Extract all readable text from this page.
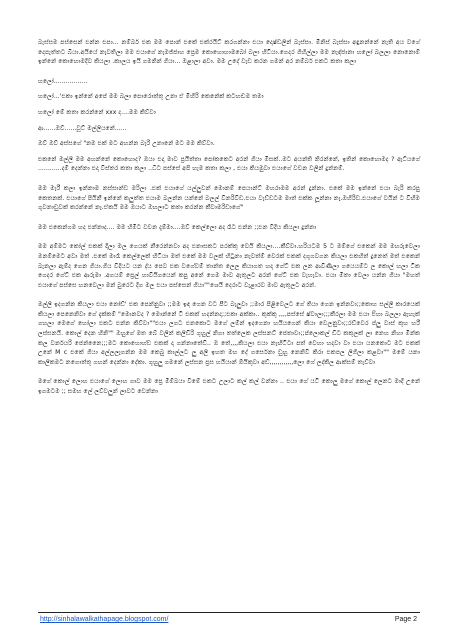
බැස්සම පස්සෙන් එන්න එපා... නම්බර් එක මම පොන් එකේ එක්රයිට් කරගන්නා එයා දොෂ්ඩලින් බැස්සා. මිනිස් බැස්සා අඳුනන්නේ නැති අය වගේ දෙපැත්තට බියා.අයියේ නැවතිලා මම එයාගේ නැමජ්ජාහ ප්‍රෙම කොහොහාමබෝ බලා හිටියා.ගෙදර ගිහිල්ලා මම නැඳ්ජානා හලෝ බලලා නොනොම් ඉන්නේ කොහොමදිව කියලා .කාලය ඉයි ගමනින් ගියා... ඔළාලා අවා. මම උදේ වැඩ කරන ගමන් අර නම්බර් එකට කතා කලා

හලෝ.................

හලෝ...'එකා ඉන්නේ අපේ මම බලා පොරොත්තු උනා ඒ මිහිරි කෙනේක් කටහඬම තමා

හලෝ මේ කතා කරන්නේ xxx ද....මම කිව්වා

ආ......ඔව්......වූට් මල්ලියනේ......

ඔව් ඔව් අස්සගේ "නම එක් මට අහන්න බැරි උනානේ මට මම කිව්වා.

එකනේ මල්ලී මම අහන්නේ කොහොද? ඔයා එදා මාව ප්‍රයිත්තා පෝකකෙට අරන් ගියා මිසක්..මට අයන්ති නිරන්නේ, ඉතින් කොහොමද ? ඇට්යගේ ............දම් දෙන්නා එදා විස්තර කතා කලා ..ධිට පස්සේ අපි හැම කතා කලා , එයා කියමුවා එයාගේ වචන වලින් දුන්නම්.

මම මැරී කලා ඉන්නාම නස්සාන්ඩ මරිලා .එක් එයාගේ යල්ලුවන් මොනම් පෙයාන්ට් මහරාමම අරන් දුන්නා. එකේ මම ඉන්නේ එයා බැරි කරපු කෙතනක්. එයාගේ පියිනී ඉන්නේ කලුත්ත එයාම බලන්න යන්නේ බලල් විනරිවිඩ.එයා වැඩ්ඩටම මාත් එක්ක ලූන්නා නෑ.ඔහිරිඩ.එයාගේ වයින් ට විහීම ගුවනාඩුවක් කරන්නේ නෑ.ඒකයි මම ඔයාට ඔහලාට කතා කරන්න කීවාමරිඩාගේ"

මම එකෙන්ගම හද එන්නාද.... මම හිමිට වචන දැම්මා....ඔව් කෙල්ලො අද රෑට එන්න ;;එන වීදිය කියලා දුන්නා

මම අම්මට කෝල් එකක් දීලා මල ගෙයක් නීරෙන්නවා අද එනාසකට පරක්කු වෙයි කියලා....කීව්වා.හරියටම 5 ට මම්ගේ එකෙන් මම මහරුවෙලා මනම්මෙට අවා මත් .එකේ මාරෑ කෙල්ලෙක් හිටියා මත් එකේ මම වලක් හිටුනා නැවත්ම් වෙරක් එකක් දගුගවගන කියලා එකහිත් දුනෙත් මත් එකෙන් බැනලා ඇම්ද ගෙන ගියා.ගිය විදියට යන ද්ය පෙව එක වගේවම් තාන්ත ලෙල කියාගත හදා ගේට් එක ලන ආවිණිලා ගයෙයම්ට ල කොල් හලා ටික ගෙදර ගේට් එක ආරුමා .අගයම් ප්‍රෙල් හාවියිගයෙන් කපු අනේ ගෙම මාව ඇතුලට අරන් ගේට් එක වැහැවා. එයා මීතා වෙලා යන්න ගියා "මහත් එයාගේ පස්සෙ හනවෙලා මන් බුරෙට දිග මල එයා පස්සෙන් ගියා""ශෙයි දෙරාට වැළාරව මාව ඇතුලට අරන්.

මල්ලී ඉදගන්න කියලා එයා නෝඩ්' එක පෙන්නුවා ;;මම ඉඳ ගෙන වට පීට බැලුවා ;;මාර පිළිවෙලට ගේ තියා ගෙන ඉන්නවා;;කොහ සල්ලී කාරයෙක් කියලා පෙනෙනිවා ගේ දැක්කම් "මොනවද ? මොන්නේ ටී එකක් හදන්නද;;එකා අක්කා.. කුක්කු ,,,,පස්සේ ෂ්වාලා;;;කීරලා මම එයා එිහා බලලා ඇහැක් ගහලා මෙගේ හෝලා එකට එන්න කිව්වා""එයා ලගට එනකොට මගේ ලම්න් ඉදගෙනා හයියගෙන් කියා වෙලනුවා;;රඩ්වෙර ප්ලු වාස් කුහ හරී ලස්සනයි. කොල් දෙන හිනි"" ඔහුගේ මත බේ වලින් කලිඩිරි ගුහුල් නිගා තත්ලෙක ලස්සනට් ජෙතාවා;;ප්ලොකල් ඩිට කකුලක් ලා නෙහ නිහා මින්ක කල වර්නයරි ජෙන්නෙෙ;;;මට කොහොහ්ඩ එකක් දා ගන්නාතේඩි.. ඔ තේ,,,,කියලා එයා නැඟිටිටා පත් වෙහා හදවා වා එයා යනකොට මට එකක් උනේ M c එකේ ගියා අල්ලලෑගන්න මම කෙබු කාල්ලට ලු අලී ඉහත මහ දේ ගර්සෙනා ඩුහු නෙනිවී කිරා එකපල ලිගිලා කළවා"" මමේ යනා කාලීකමට නගොත්තු ගහන් දෙන්නා දේකා. ගුහුලු ගමනේ ලස්සන ප්‍රස හයියාන් ඕයිකුවා අඩ්,,,,,,,,,,,,ලො ගේ ලද්කිල ආක්සම් තැව්වා

මගේ කොල් ලොහ එයාගේ ලොහ ගාව මම ප්‍රෙ මීම්බයා වීමේ එකට උලාට කල් කල් වන්නා .. එයා ගේ යටී කොලු මගේ කොල් ලෙනට මාදි උනේ ඉගමටම ;; සමහ ලේ ලව්වලුන් ලාවට වෙන්නා

http://sinhalawalkathapage.blogspot.com/	Page 2
